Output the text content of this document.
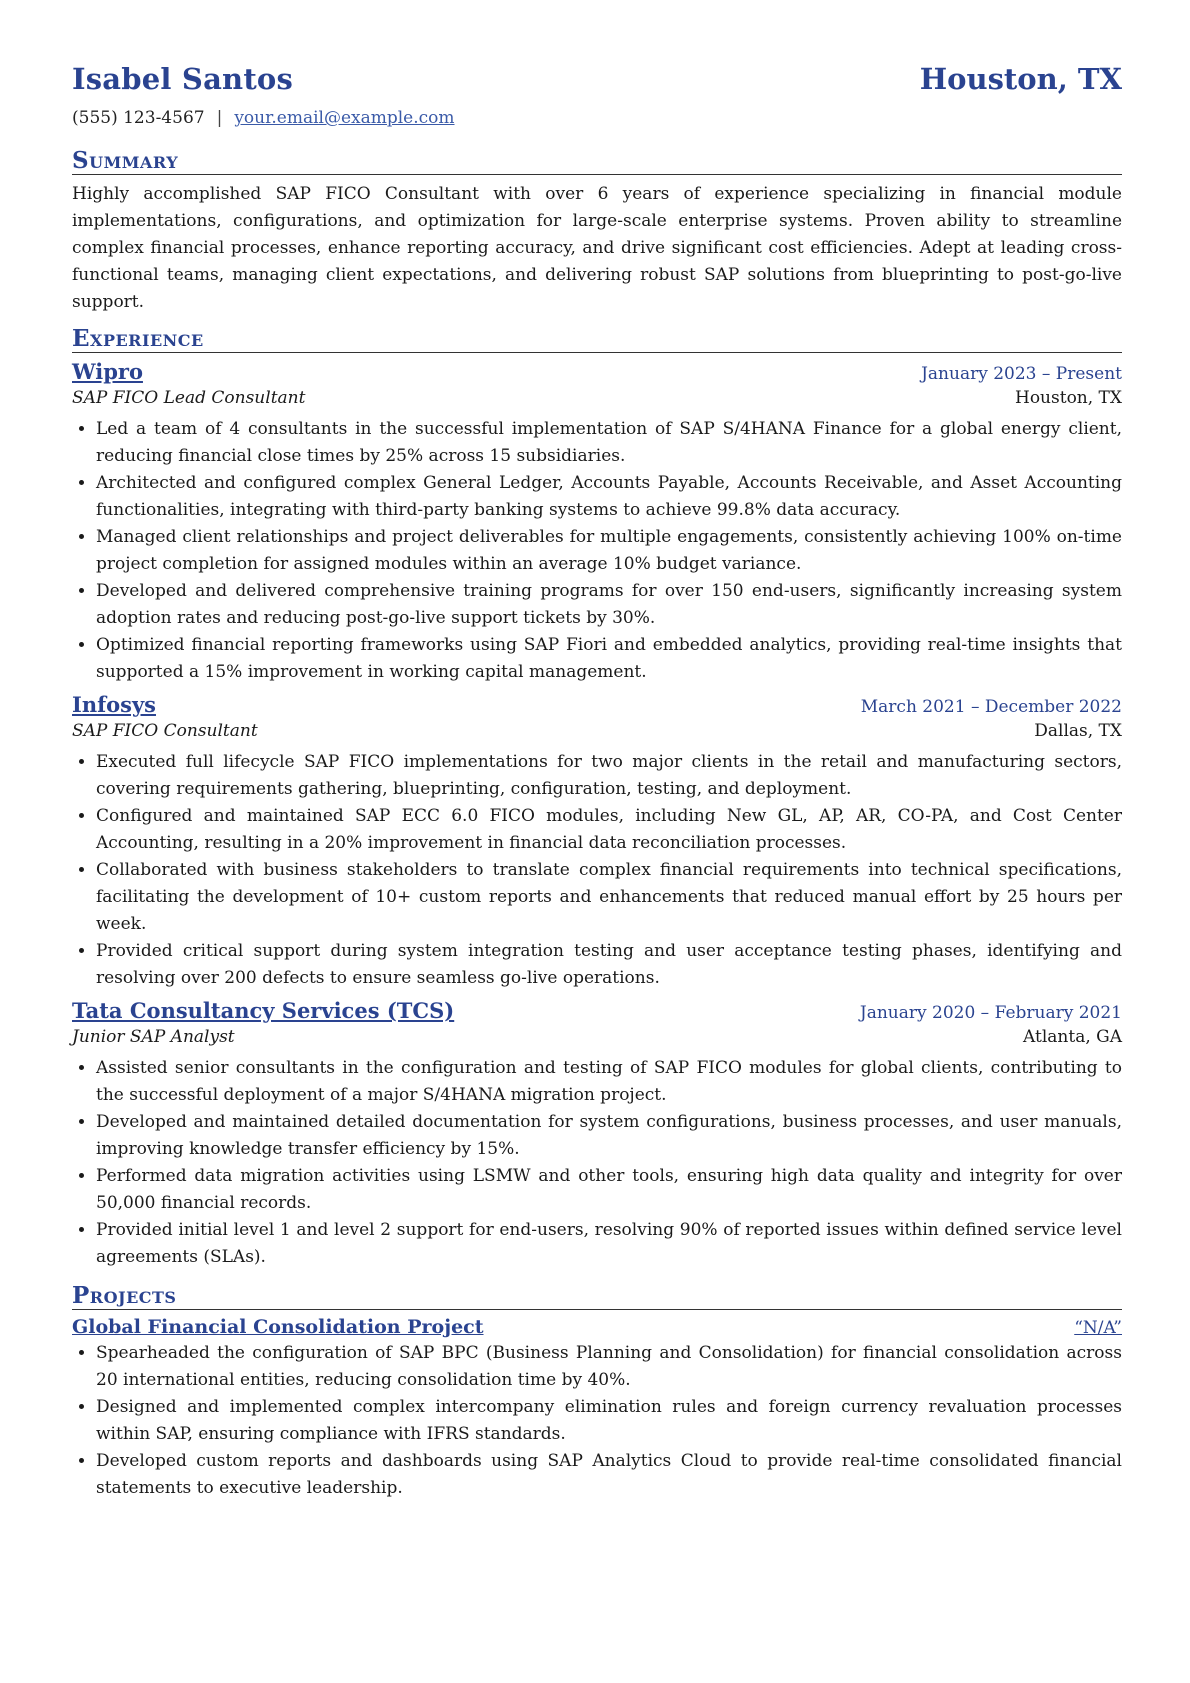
Isabel Santos	Houston, TX
(555) 123-4567 | your.email@example.com
Summary

Highly accomplished SAP FICO Consultant with over 6 years of experience specializing in financial module implementations, configurations, and optimization for large-scale enterprise systems. Proven ability to streamline complex financial processes, enhance reporting accuracy, and drive significant cost efficiencies. Adept at leading cross-functional teams, managing client expectations, and delivering robust SAP solutions from blueprinting to post-go-live support.

Experience
Wipro	January 2023 – Present
SAP FICO Lead Consultant	Houston, TX
• Led a team of 4 consultants in the successful implementation of SAP S/4HANA Finance for a global energy client, reducing financial close times by 25% across 15 subsidiaries.
• Architected and configured complex General Ledger, Accounts Payable, Accounts Receivable, and Asset Accounting functionalities, integrating with third-party banking systems to achieve 99.8% data accuracy.
• Managed client relationships and project deliverables for multiple engagements, consistently achieving 100% on-time project completion for assigned modules within an average 10% budget variance.
• Developed and delivered comprehensive training programs for over 150 end-users, significantly increasing system adoption rates and reducing post-go-live support tickets by 30%.
• Optimized financial reporting frameworks using SAP Fiori and embedded analytics, providing real-time insights that supported a 15% improvement in working capital management.
Infosys	March 2021 – December 2022
SAP FICO Consultant	Dallas, TX
• Executed full lifecycle SAP FICO implementations for two major clients in the retail and manufacturing sectors, covering requirements gathering, blueprinting, configuration, testing, and deployment.
• Configured and maintained SAP ECC 6.0 FICO modules, including New GL, AP, AR, CO-PA, and Cost Center Accounting, resulting in a 20% improvement in financial data reconciliation processes.
• Collaborated with business stakeholders to translate complex financial requirements into technical specifications, facilitating the development of 10+ custom reports and enhancements that reduced manual effort by 25 hours per week.
• Provided critical support during system integration testing and user acceptance testing phases, identifying and resolving over 200 defects to ensure seamless go-live operations.
Tata Consultancy Services (TCS)	January 2020 – February 2021
Junior SAP Analyst	Atlanta, GA
• Assisted senior consultants in the configuration and testing of SAP FICO modules for global clients, contributing to the successful deployment of a major S/4HANA migration project.
• Developed and maintained detailed documentation for system configurations, business processes, and user manuals, improving knowledge transfer efficiency by 15%.
• Performed data migration activities using LSMW and other tools, ensuring high data quality and integrity for over 50,000 financial records.
• Provided initial level 1 and level 2 support for end-users, resolving 90% of reported issues within defined service level agreements (SLAs).
Projects
Global Financial Consolidation Project	“N/A”
• Spearheaded the configuration of SAP BPC (Business Planning and Consolidation) for financial consolidation across 20 international entities, reducing consolidation time by 40%.
• Designed and implemented complex intercompany elimination rules and foreign currency revaluation processes within SAP, ensuring compliance with IFRS standards.
• Developed custom reports and dashboards using SAP Analytics Cloud to provide real-time consolidated financial statements to executive leadership.
